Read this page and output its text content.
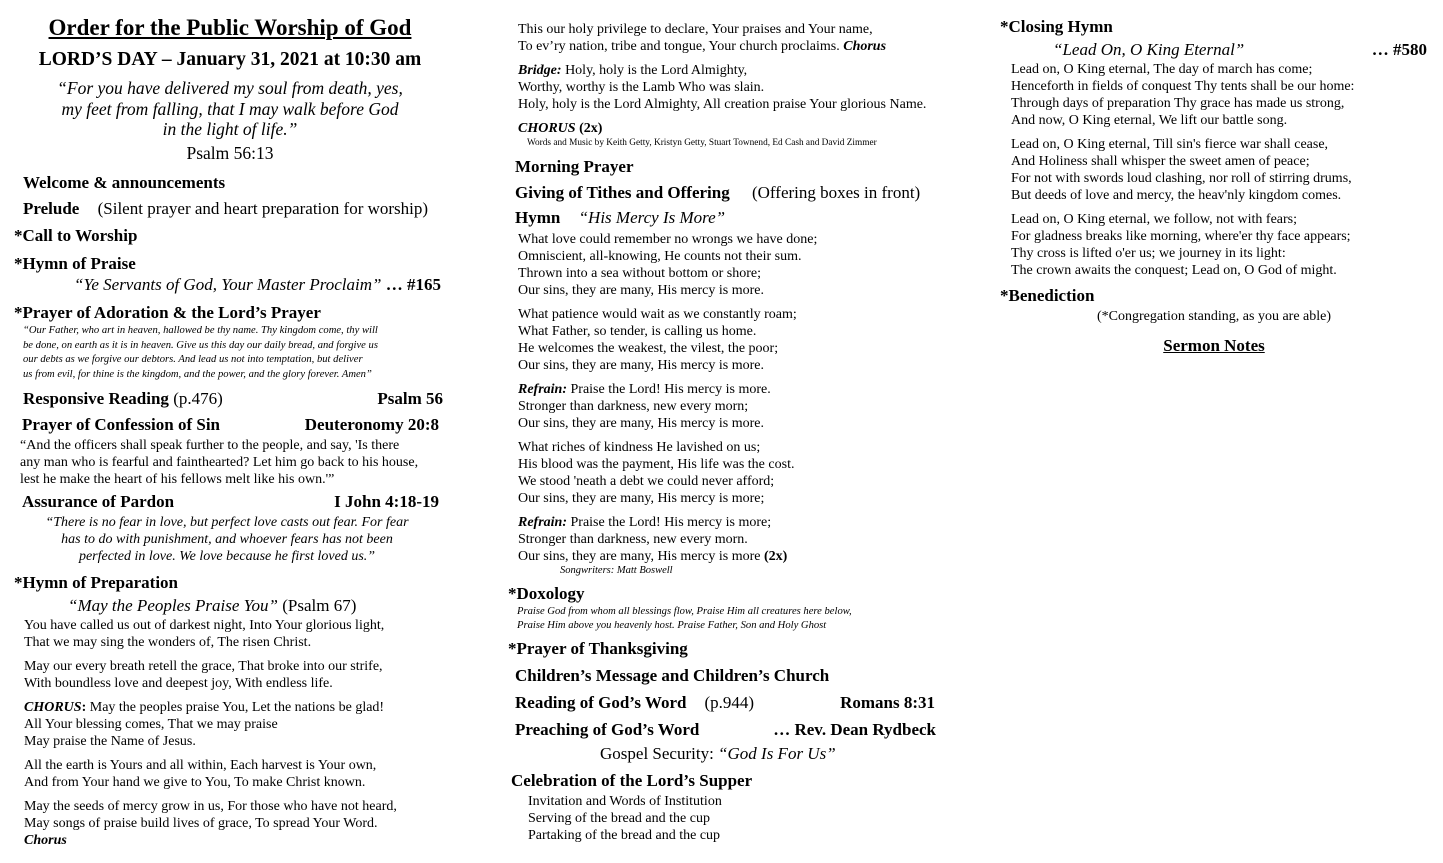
Order for the Public Worship of God
LORD’S DAY – January 31, 2021 at 10:30 am
“For you have delivered my soul from death, yes,
my feet from falling, that I may walk before God
in the light of life.”
Psalm 56:13
Welcome & announcements
Prelude (Silent prayer and heart preparation for worship)
*Call to Worship
*Hymn of Praise
“Ye Servants of God, Your Master Proclaim” … #165
*Prayer of Adoration & the Lord’s Prayer
“Our Father, who art in heaven, hallowed be thy name. Thy kingdom come, thy will
be done, on earth as it is in heaven. Give us this day our daily bread, and forgive us
our debts as we forgive our debtors. And lead us not into temptation, but deliver
us from evil, for thine is the kingdom, and the power, and the glory forever. Amen”
Responsive Reading (p.476)	Psalm 56
Prayer of Confession of Sin	Deuteronomy 20:8
“And the officers shall speak further to the people, and say, 'Is there
any man who is fearful and fainthearted? Let him go back to his house,
lest he make the heart of his fellows melt like his own.'”
Assurance of Pardon	I John 4:18-19
“There is no fear in love, but perfect love casts out fear. For fear
has to do with punishment, and whoever fears has not been
perfected in love. We love because he first loved us.”
*Hymn of Preparation
“May the Peoples Praise You” (Psalm 67)
You have called us out of darkest night, Into Your glorious light,
That we may sing the wonders of, The risen Christ.
May our every breath retell the grace, That broke into our strife,
With boundless love and deepest joy, With endless life.
CHORUS: May the peoples praise You, Let the nations be glad!
All Your blessing comes, That we may praise
May praise the Name of Jesus.
All the earth is Yours and all within, Each harvest is Your own,
And from Your hand we give to You, To make Christ known.
May the seeds of mercy grow in us, For those who have not heard,
May songs of praise build lives of grace, To spread Your Word.
Chorus
This our holy privilege to declare, Your praises and Your name,
To ev’ry nation, tribe and tongue, Your church proclaims. Chorus
Bridge: Holy, holy is the Lord Almighty,
Worthy, worthy is the Lamb Who was slain.
Holy, holy is the Lord Almighty, All creation praise Your glorious Name.
CHORUS (2x)
Words and Music by Keith Getty, Kristyn Getty, Stuart Townend, Ed Cash and David Zimmer
Morning Prayer
Giving of Tithes and Offering (Offering boxes in front)
Hymn “His Mercy Is More”
What love could remember no wrongs we have done;
Omniscient, all-knowing, He counts not their sum.
Thrown into a sea without bottom or shore;
Our sins, they are many, His mercy is more.
What patience would wait as we constantly roam;
What Father, so tender, is calling us home.
He welcomes the weakest, the vilest, the poor;
Our sins, they are many, His mercy is more.
Refrain: Praise the Lord! His mercy is more.
Stronger than darkness, new every morn;
Our sins, they are many, His mercy is more.
What riches of kindness He lavished on us;
His blood was the payment, His life was the cost.
We stood 'neath a debt we could never afford;
Our sins, they are many, His mercy is more;
Refrain: Praise the Lord! His mercy is more;
Stronger than darkness, new every morn.
Our sins, they are many, His mercy is more (2x)
Songwriters: Matt Boswell
*Doxology
Praise God from whom all blessings flow, Praise Him all creatures here below,
Praise Him above you heavenly host. Praise Father, Son and Holy Ghost
*Prayer of Thanksgiving
Children’s Message and Children’s Church
Reading of God’s Word (p.944)	Romans 8:31
Preaching of God’s Word	… Rev. Dean Rydbeck
Gospel Security: “God Is For Us”
Celebration of the Lord’s Supper
Invitation and Words of Institution
Serving of the bread and the cup
Partaking of the bread and the cup
*Closing Hymn
“Lead On, O King Eternal”	… #580
Lead on, O King eternal, The day of march has come;
Henceforth in fields of conquest Thy tents shall be our home:
Through days of preparation Thy grace has made us strong,
And now, O King eternal, We lift our battle song.
Lead on, O King eternal, Till sin's fierce war shall cease,
And Holiness shall whisper the sweet amen of peace;
For not with swords loud clashing, nor roll of stirring drums,
But deeds of love and mercy, the heav'nly kingdom comes.
Lead on, O King eternal, we follow, not with fears;
For gladness breaks like morning, where'er thy face appears;
Thy cross is lifted o'er us; we journey in its light:
The crown awaits the conquest; Lead on, O God of might.
*Benediction
(*Congregation standing, as you are able)
Sermon Notes
